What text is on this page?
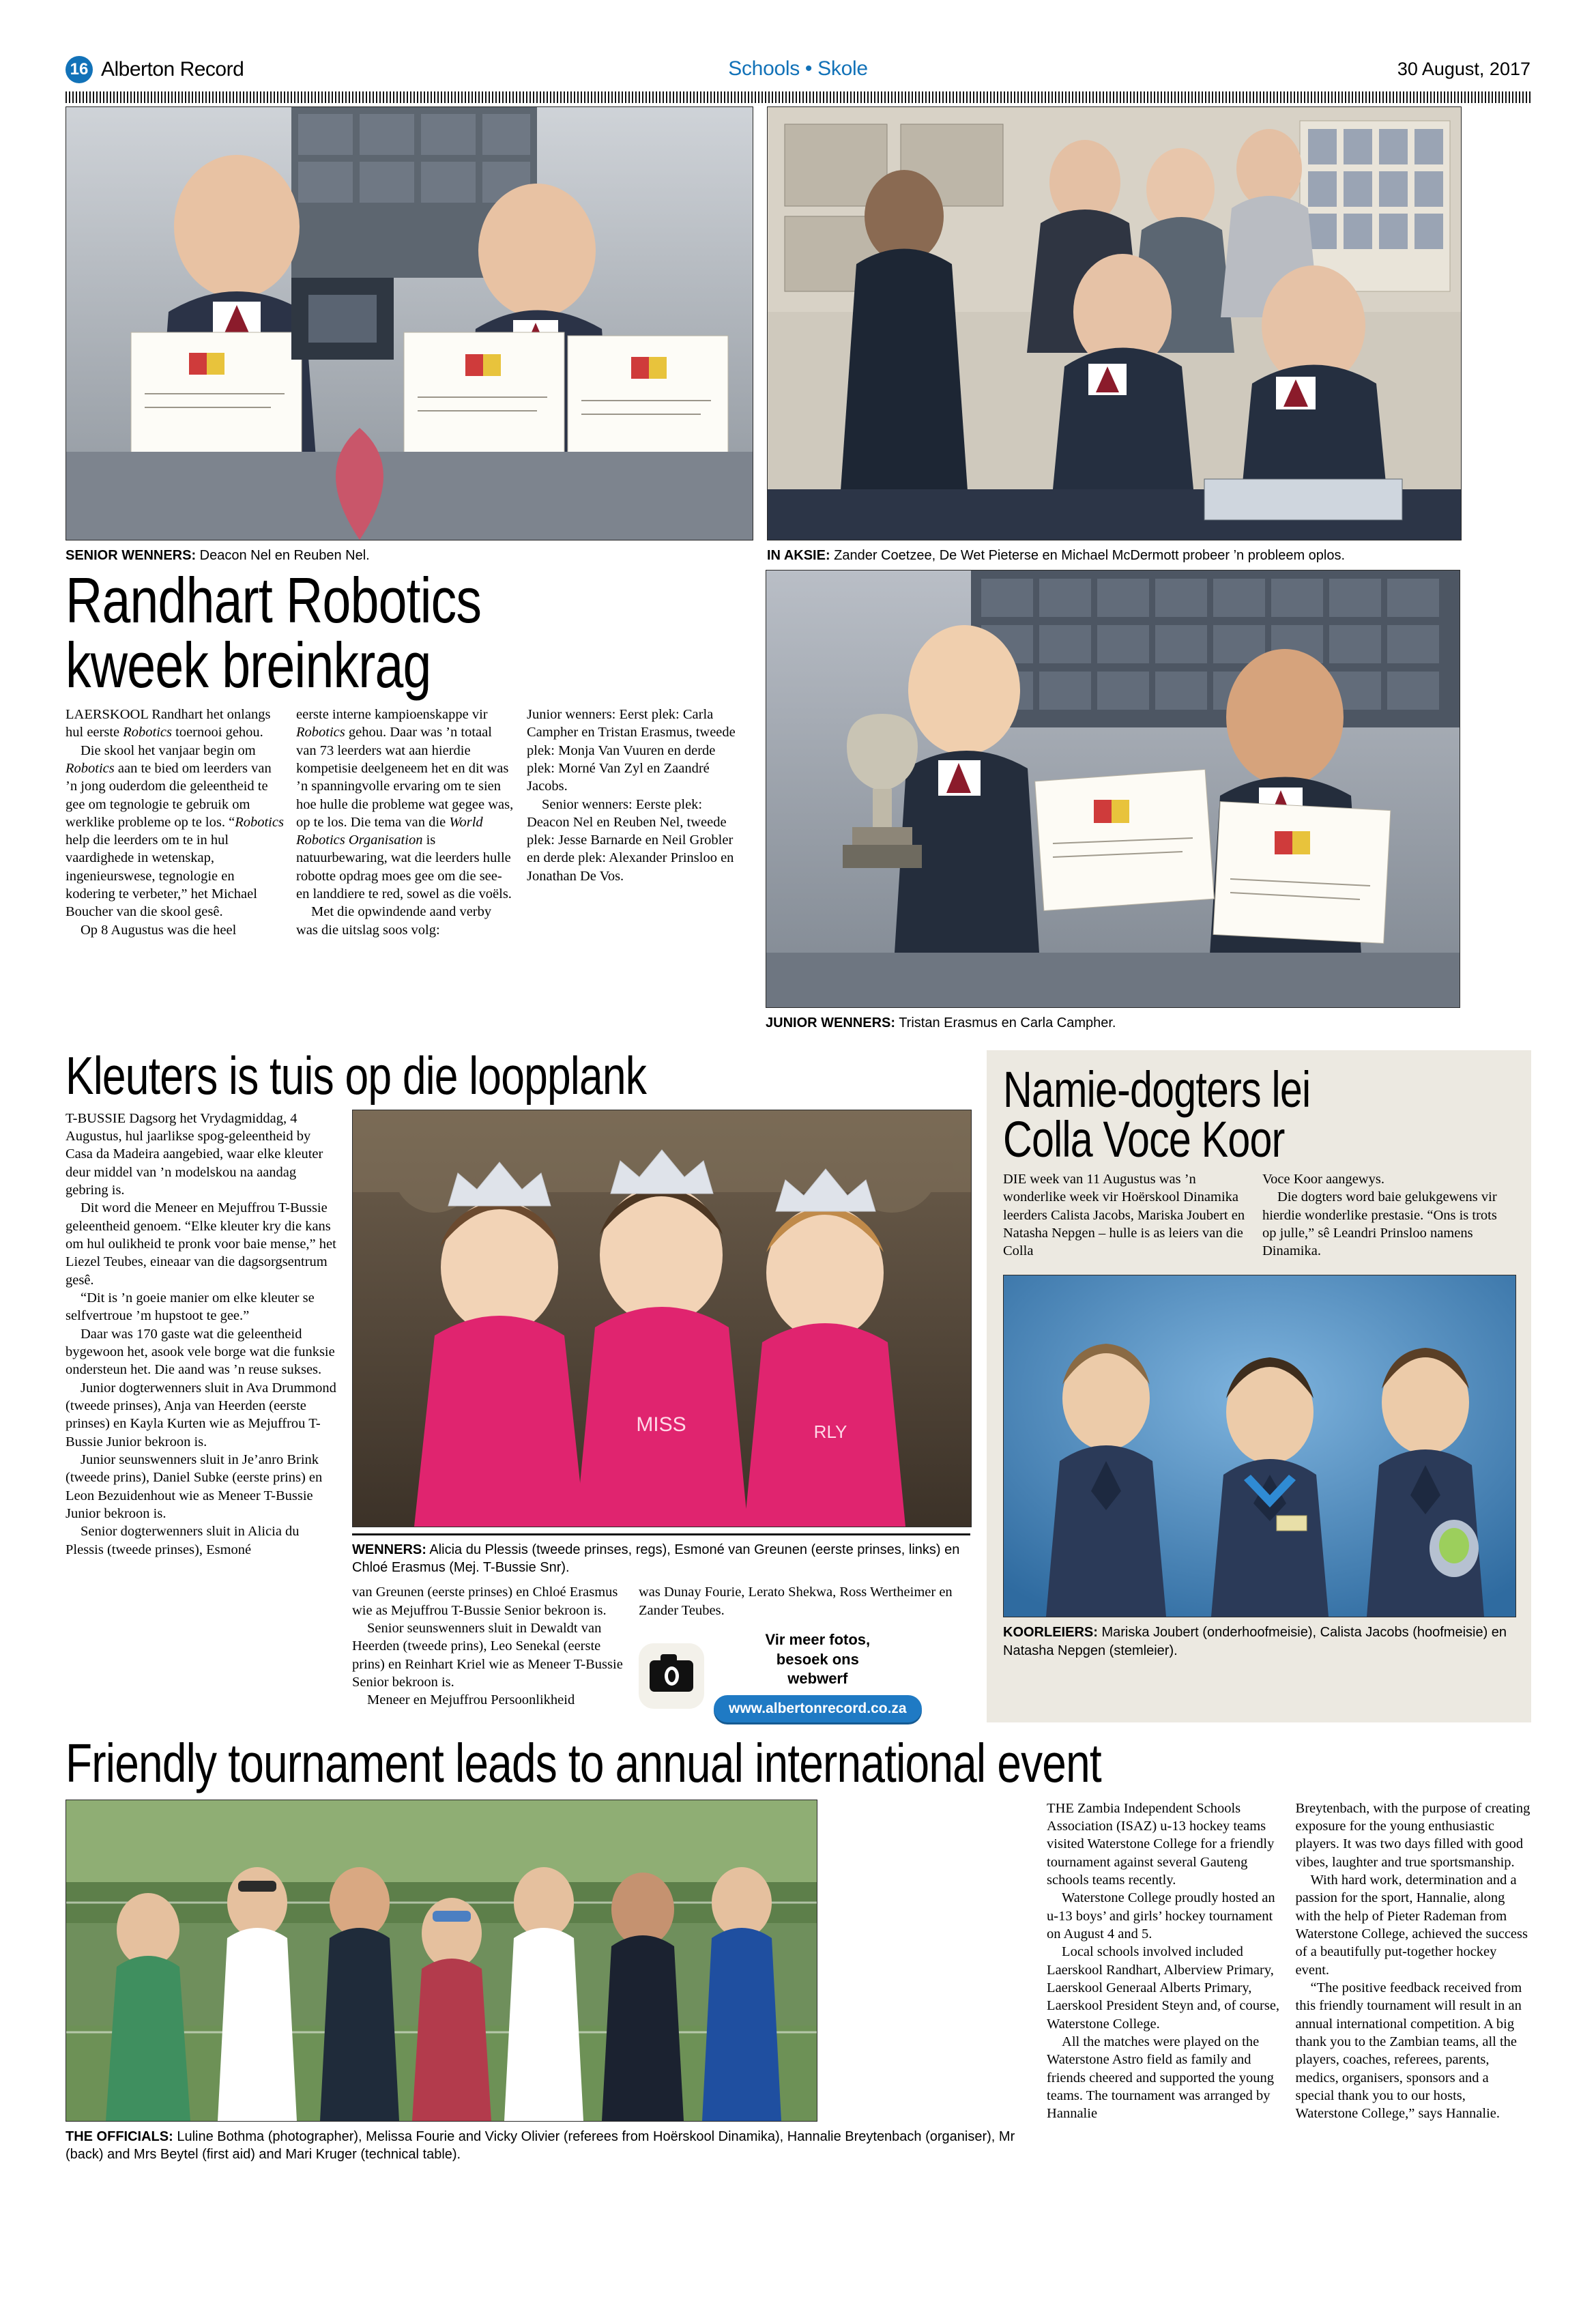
16 Alberton Record	Schools • Skole	30 August, 2017
SENIOR WENNERS: Deacon Nel en Reuben Nel.	IN AKSIE: Zander Coetzee, De Wet Pieterse en Michael McDermott probeer ’n probleem oplos.
Randhart Robotics
kweek breinkrag

LAERSKOOL Randhart het onlangs hul eerste Robotics toernooi gehou.

Die skool het vanjaar begin om Robotics aan te bied om leerders van ’n jong ouderdom die geleentheid te gee om tegnologie te gebruik om werklike probleme op te los. “Robotics help die leerders om te in hul vaardighede in wetenskap, ingenieurswese, tegnologie en kodering te verbeter,” het Michael Boucher van die skool gesê.

Op 8 Augustus was die heel

eerste interne kampioenskappe vir Robotics gehou. Daar was ’n totaal van 73 leerders wat aan hierdie kompetisie deelgeneem het en dit was ’n spanningvolle ervaring om te sien hoe hulle die probleme wat gegee was, op te los. Die tema van die World Robotics Organisation is natuurbewaring, wat die leerders hulle robotte opdrag moes gee om die see- en landdiere te red, sowel as die voëls.

Met die opwindende aand verby was die uitslag soos volg:

Junior wenners: Eerst plek: Carla Campher en Tristan Erasmus, tweede plek: Monja Van Vuuren en derde plek: Morné Van Zyl en Zaandré Jacobs.

Senior wenners: Eerste plek: Deacon Nel en Reuben Nel, tweede plek: Jesse Barnarde en Neil Grobler en derde plek: Alexander Prinsloo en Jonathan De Vos.

JUNIOR WENNERS: Tristan Erasmus en Carla Campher.
Kleuters is tuis op die loopplank

T-BUSSIE Dagsorg het Vrydagmiddag, 4 Augustus, hul jaarlikse spog-geleentheid by Casa da Madeira aangebied, waar elke kleuter deur middel van ’n modelskou na aandag gebring is.

Dit word die Meneer en Mejuffrou T-Bussie geleentheid genoem. “Elke kleuter kry die kans om hul oulikheid te pronk voor baie mense,” het Liezel Teubes, eineaar van die dagsorgsentrum gesê.

“Dit is ’n goeie manier om elke kleuter se selfvertroue ’m hupstoot te gee.”

Daar was 170 gaste wat die geleentheid bygewoon het, asook vele borge wat die funksie ondersteun het. Die aand was ’n reuse sukses.

Junior dogterwenners sluit in Ava Drummond (tweede prinses), Anja van Heerden (eerste prinses) en Kayla Kurten wie as Mejuffrou T-Bussie Junior bekroon is.

Junior seunswenners sluit in Je’anro Brink (tweede prins), Daniel Subke (eerste prins) en Leon Bezuidenhout wie as Meneer T-Bussie Junior bekroon is.

Senior dogterwenners sluit in Alicia du Plessis (tweede prinses), Esmoné

MISS	RLY
WENNERS: Alicia du Plessis (tweede prinses, regs), Esmoné van Greunen (eerste prinses, links) en Chloé Erasmus (Mej. T-Bussie Snr).

van Greunen (eerste prinses) en Chloé Erasmus wie as Mejuffrou T-Bussie Senior bekroon is.

Senior seunswenners sluit in Dewaldt van Heerden (tweede prins), Leo Senekal (eerste prins) en Reinhart Kriel wie as Meneer T-Bussie Senior bekroon is.

Meneer en Mejuffrou Persoonlikheid

was Dunay Fourie, Lerato Shekwa, Ross Wertheimer en Zander Teubes.

Vir meer fotos,
besoek ons
webwerf
www.albertonrecord.co.za
Namie-dogters lei
Colla Voce Koor

DIE week van 11 Augustus was ’n wonderlike week vir Hoërskool Dinamika leerders Calista Jacobs, Mariska Joubert en Natasha Nepgen – hulle is as leiers van die Colla

Voce Koor aangewys.

Die dogters word baie gelukgewens vir hierdie wonderlike prestasie. “Ons is trots op julle,” sê Leandri Prinsloo namens Dinamika.

KOORLEIERS: Mariska Joubert (onderhoofmeisie), Calista Jacobs (hoofmeisie) en Natasha Nepgen (stemleier).
Friendly tournament leads to annual international event
THE OFFICIALS: Luline Bothma (photographer), Melissa Fourie and Vicky Olivier (referees from Hoërskool Dinamika), Hannalie Breytenbach (organiser), Mr (back) and Mrs Beytel (first aid) and Mari Kruger (technical table).

THE Zambia Independent Schools Association (ISAZ) u-13 hockey teams visited Waterstone College for a friendly tournament against several Gauteng schools teams recently.

Waterstone College proudly hosted an u-13 boys’ and girls’ hockey tournament on August 4 and 5.

Local schools involved included Laerskool Randhart, Alberview Primary, Laerskool Generaal Alberts Primary, Laerskool President Steyn and, of course, Waterstone College.

All the matches were played on the Waterstone Astro field as family and friends cheered and supported the young teams. The tournament was arranged by Hannalie

Breytenbach, with the purpose of creating exposure for the young enthusiastic players. It was two days filled with good vibes, laughter and true sportsmanship.

With hard work, determination and a passion for the sport, Hannalie, along with the help of Pieter Rademan from Waterstone College, achieved the success of a beautifully put-together hockey event.

“The positive feedback received from this friendly tournament will result in an annual international competition. A big thank you to the Zambian teams, all the players, coaches, referees, parents, medics, organisers, sponsors and a special thank you to our hosts, Waterstone College,” says Hannalie.
